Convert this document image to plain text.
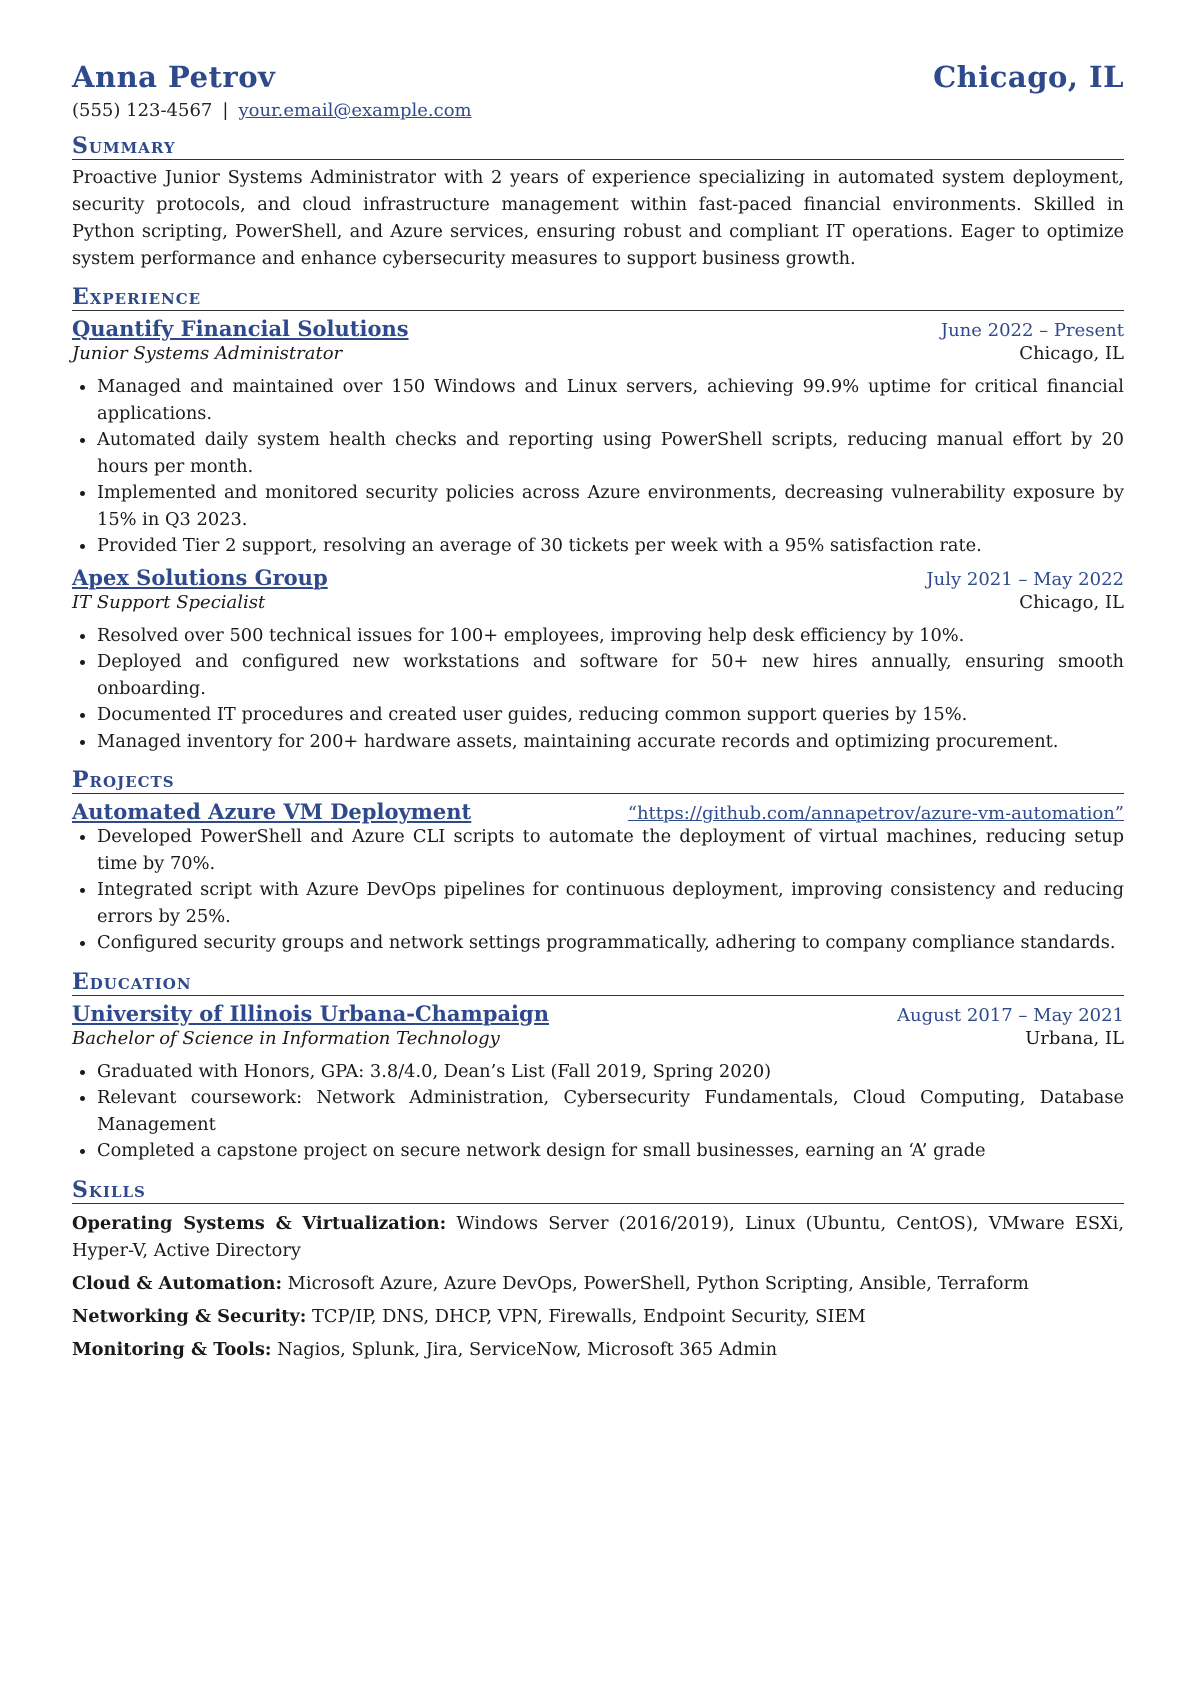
Anna Petrov	Chicago, IL
(555) 123-4567 | your.email@example.com
Summary
Proactive Junior Systems Administrator with 2 years of experience specializing in automated system deployment, security protocols, and cloud infrastructure management within fast-paced financial environments. Skilled in Python scripting, PowerShell, and Azure services, ensuring robust and compliant IT operations. Eager to optimize system performance and enhance cybersecurity measures to support business growth.
Experience
Quantify Financial Solutions	June 2022 – Present
Junior Systems Administrator	Chicago, IL
• Managed and maintained over 150 Windows and Linux servers, achieving 99.9% uptime for critical financial applications.
• Automated daily system health checks and reporting using PowerShell scripts, reducing manual effort by 20 hours per month.
• Implemented and monitored security policies across Azure environments, decreasing vulnerability exposure by 15% in Q3 2023.
• Provided Tier 2 support, resolving an average of 30 tickets per week with a 95% satisfaction rate.
Apex Solutions Group	July 2021 – May 2022
IT Support Specialist	Chicago, IL
• Resolved over 500 technical issues for 100+ employees, improving help desk efficiency by 10%.
• Deployed and configured new workstations and software for 50+ new hires annually, ensuring smooth onboarding.
• Documented IT procedures and created user guides, reducing common support queries by 15%.
• Managed inventory for 200+ hardware assets, maintaining accurate records and optimizing procurement.
Projects
Automated Azure VM Deployment	“https://github.com/annapetrov/azure-vm-automation”
• Developed PowerShell and Azure CLI scripts to automate the deployment of virtual machines, reducing setup time by 70%.
• Integrated script with Azure DevOps pipelines for continuous deployment, improving consistency and reducing errors by 25%.
• Configured security groups and network settings programmatically, adhering to company compliance standards.
Education
University of Illinois Urbana-Champaign	August 2017 – May 2021
Bachelor of Science in Information Technology	Urbana, IL
• Graduated with Honors, GPA: 3.8/4.0, Dean’s List (Fall 2019, Spring 2020)
• Relevant coursework: Network Administration, Cybersecurity Fundamentals, Cloud Computing, Database Management
• Completed a capstone project on secure network design for small businesses, earning an ‘A’ grade
Skills
Operating Systems & Virtualization: Windows Server (2016/2019), Linux (Ubuntu, CentOS), VMware ESXi, Hyper-V, Active Directory
Cloud & Automation: Microsoft Azure, Azure DevOps, PowerShell, Python Scripting, Ansible, Terraform
Networking & Security: TCP/IP, DNS, DHCP, VPN, Firewalls, Endpoint Security, SIEM
Monitoring & Tools: Nagios, Splunk, Jira, ServiceNow, Microsoft 365 Admin
